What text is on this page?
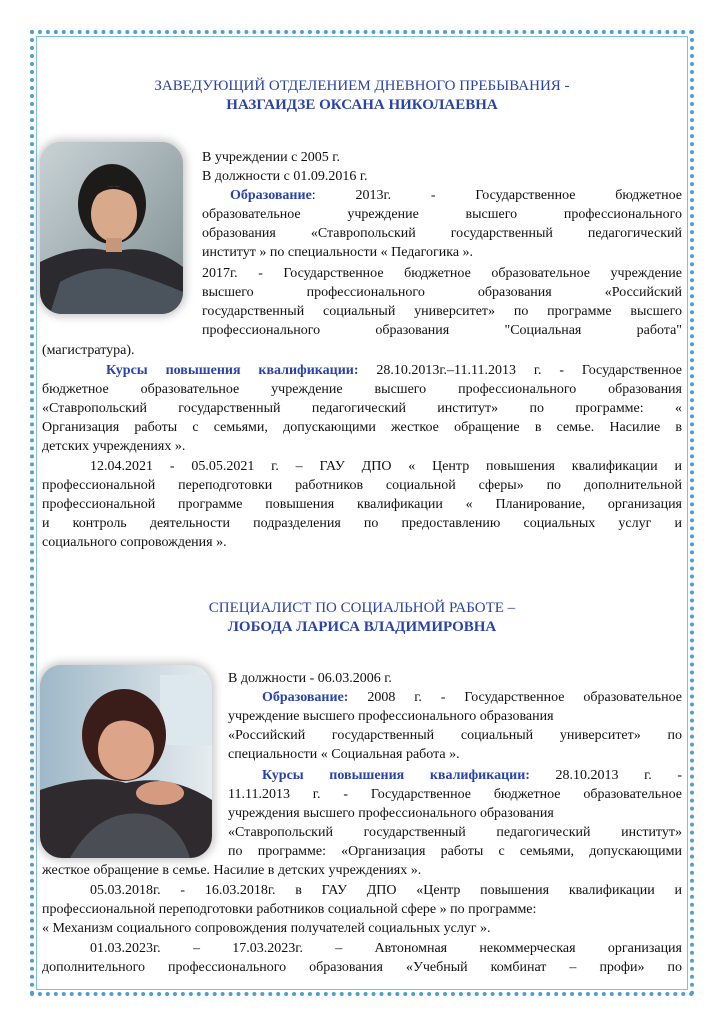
ЗАВЕДУЮЩИЙ ОТДЕЛЕНИЕМ ДНЕВНОГО ПРЕБЫВАНИЯ -
НАЗГАИДЗЕ ОКСАНА НИКОЛАЕВНА
В учреждении с 2005 г.
В должности с 01.09.2016 г.
Образование: 2013г. - Государственное бюджетное
образовательное учреждение высшего профессионального
образования «Ставропольский государственный педагогический
институт » по специальности « Педагогика ».
2017г. - Государственное бюджетное образовательное учреждение
высшего профессионального образования «Российский
государственный социальный университет» по программе высшего
профессионального образования "Социальная работа"
(магистратура).
Курсы повышения квалификации: 28.10.2013г.–11.11.2013 г. - Государственное
бюджетное образовательное учреждение высшего профессионального образования
«Ставропольский государственный педагогический институт» по программе: «
Организация работы с семьями, допускающими жесткое обращение в семье. Насилие в
детских учреждениях ».
12.04.2021 - 05.05.2021 г. – ГАУ ДПО « Центр повышения квалификации и
профессиональной переподготовки работников социальной сферы» по дополнительной
профессиональной программе повышения квалификации « Планирование, организация
и контроль деятельности подразделения по предоставлению социальных услуг и
социального сопровождения ».
СПЕЦИАЛИСТ ПО СОЦИАЛЬНОЙ РАБОТЕ –
ЛОБОДА ЛАРИСА ВЛАДИМИРОВНА
В должности - 06.03.2006 г.
Образование: 2008 г. - Государственное образовательное
учреждение высшего профессионального образования
«Российский государственный социальный университет» по
специальности « Социальная работа ».
Курсы повышения квалификации: 28.10.2013 г. -
11.11.2013 г. - Государственное бюджетное образовательное
учреждения высшего профессионального образования
«Ставропольский государственный педагогический институт»
по программе: «Организация работы с семьями, допускающими
жесткое обращение в семье. Насилие в детских учреждениях ».
05.03.2018г. - 16.03.2018г. в ГАУ ДПО «Центр повышения квалификации и
профессиональной переподготовки работников социальной сфере » по программе:
« Механизм социального сопровождения получателей социальных услуг ».
01.03.2023г. – 17.03.2023г. – Автономная некоммерческая организация
дополнительного профессионального образования «Учебный комбинат – профи» по
